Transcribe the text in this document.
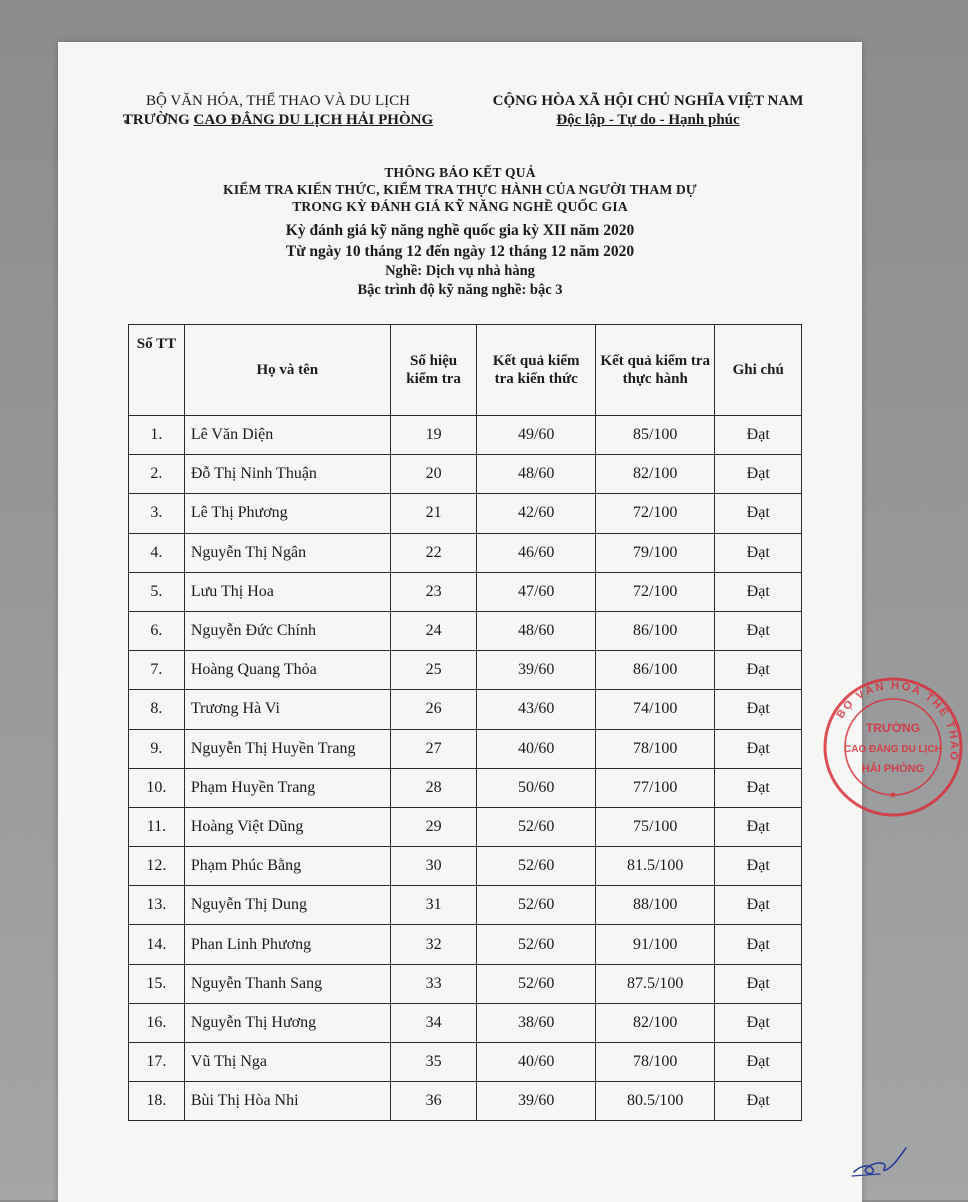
BỘ VĂN HÓA, THỂ THAO VÀ DU LỊCH
TRƯỜNG CAO ĐẲNG DU LỊCH HẢI PHÒNG
CỘNG HÒA XÃ HỘI CHỦ NGHĨA VIỆT NAM
Độc lập - Tự do - Hạnh phúc
THÔNG BÁO KẾT QUẢ
KIỂM TRA KIẾN THỨC, KIỂM TRA THỰC HÀNH CỦA NGƯỜI THAM DỰ
TRONG KỲ ĐÁNH GIÁ KỸ NĂNG NGHỀ QUỐC GIA
Kỳ đánh giá kỹ năng nghề quốc gia kỳ XII năm 2020
Từ ngày 10 tháng 12 đến ngày 12 tháng 12 năm 2020
Nghề: Dịch vụ nhà hàng
Bậc trình độ kỹ năng nghề: bậc 3
Số TT	Họ và tên	Số hiệu kiểm tra	Kết quả kiểm tra kiến thức	Kết quả kiểm tra thực hành	Ghi chú
1.	Lê Văn Diện	19	49/60	85/100	Đạt
2.	Đỗ Thị Ninh Thuận	20	48/60	82/100	Đạt
3.	Lê Thị Phương	21	42/60	72/100	Đạt
4.	Nguyễn Thị Ngân	22	46/60	79/100	Đạt
5.	Lưu Thị Hoa	23	47/60	72/100	Đạt
6.	Nguyễn Đức Chính	24	48/60	86/100	Đạt
7.	Hoàng Quang Thỏa	25	39/60	86/100	Đạt
8.	Trương Hà Vi	26	43/60	74/100	Đạt
9.	Nguyễn Thị Huyền Trang	27	40/60	78/100	Đạt
10.	Phạm Huyền Trang	28	50/60	77/100	Đạt
11.	Hoàng Việt Dũng	29	52/60	75/100	Đạt
12.	Phạm Phúc Bằng	30	52/60	81.5/100	Đạt
13.	Nguyễn Thị Dung	31	52/60	88/100	Đạt
14.	Phan Linh Phương	32	52/60	91/100	Đạt
15.	Nguyễn Thanh Sang	33	52/60	87.5/100	Đạt
16.	Nguyễn Thị Hương	34	38/60	82/100	Đạt
17.	Vũ Thị Nga	35	40/60	78/100	Đạt
18.	Bùi Thị Hòa Nhi	36	39/60	80.5/100	Đạt
BỘ VĂN HÓA THỂ THAO
TRƯỜNG
CAO ĐẲNG DU LỊCH
HẢI PHÒNG
★
